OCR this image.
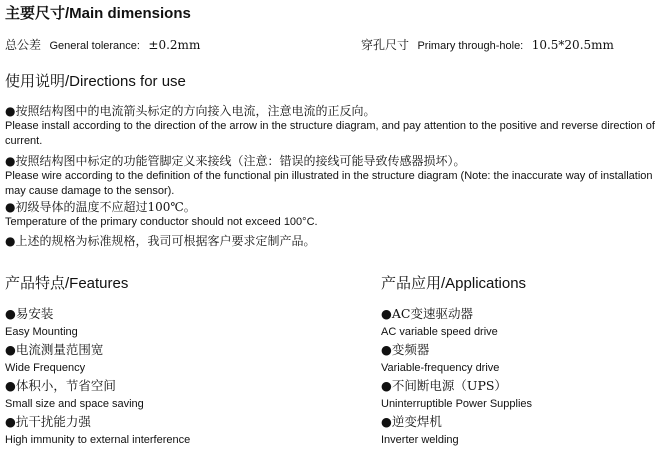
主要尺寸/Main dimensions
总公差 General tolerance: ±0.2mm	穿孔尺寸 Primary through-hole: 10.5*20.5mm
使用说明/Directions for use
●按照结构图中的电流箭头标定的方向接入电流，注意电流的正反向。
Please install according to the direction of the arrow in the structure diagram, and pay attention to the positive and reverse direction of current.
●按照结构图中标定的功能管脚定义来接线（注意：错误的接线可能导致传感器损坏）。
Please wire according to the definition of the functional pin illustrated in the structure diagram (Note: the inaccurate way of installation may cause damage to the sensor).
●初级导体的温度不应超过100℃。
Temperature of the primary conductor should not exceed 100°C.
●上述的规格为标准规格，我司可根据客户要求定制产品。
产品特点/Features
●易安装
Easy Mounting
●电流测量范围宽
Wide Frequency
●体积小，节省空间
Small size and space saving
●抗干扰能力强
High immunity to external interference
产品应用/Applications
●AC变速驱动器
AC variable speed drive
●变频器
Variable-frequency drive
●不间断电源（UPS）
Uninterruptible Power Supplies
●逆变焊机
Inverter welding
